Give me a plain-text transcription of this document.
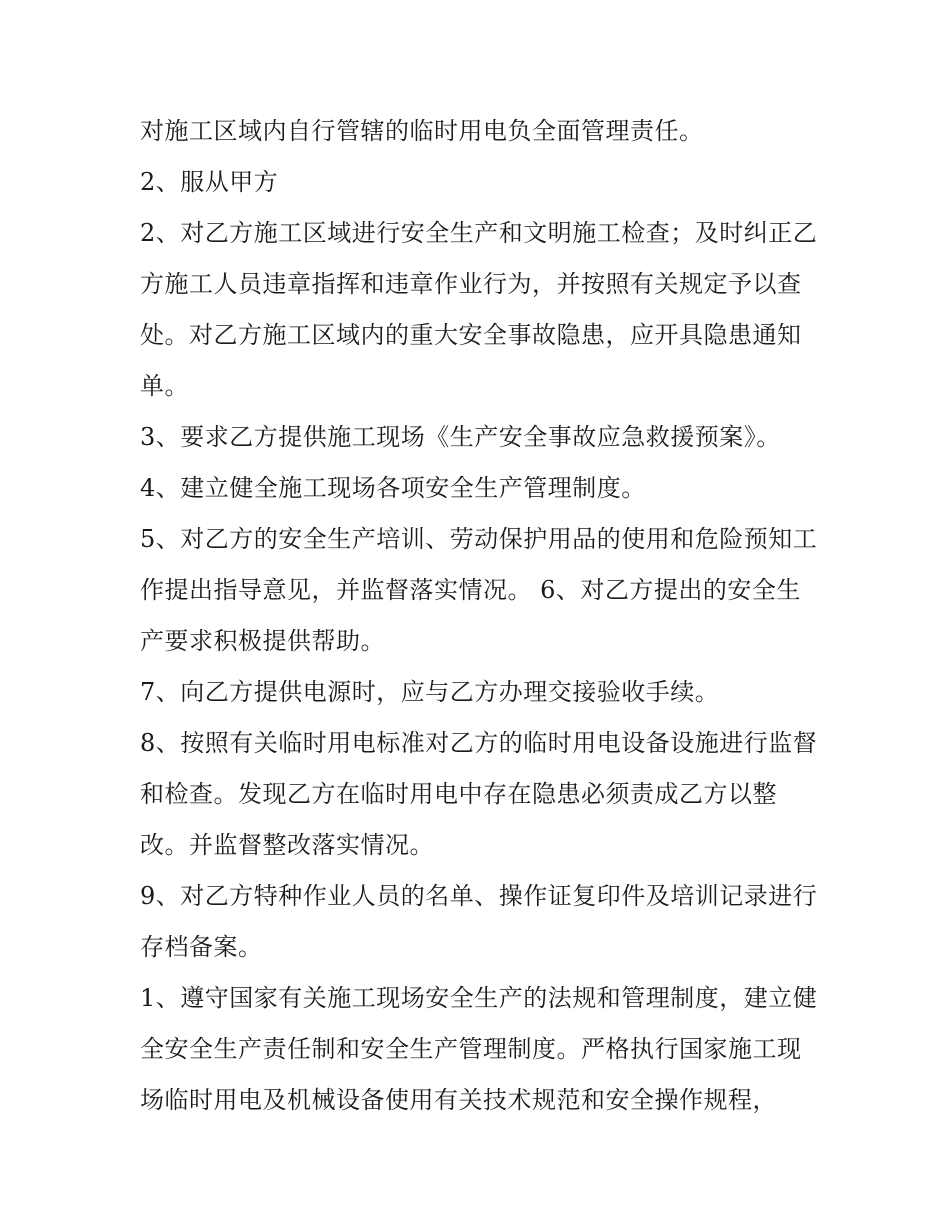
对施工区域内自行管辖的临时用电负全面管理责任。

2、服从甲方

2、对乙方施工区域进行安全生产和文明施工检查；及时纠正乙方施工人员违章指挥和违章作业行为，并按照有关规定予以查处。对乙方施工区域内的重大安全事故隐患，应开具隐患通知单。

3、要求乙方提供施工现场《生产安全事故应急救援预案》。

4、建立健全施工现场各项安全生产管理制度。

5、对乙方的安全生产培训、劳动保护用品的使用和危险预知工作提出指导意见，并监督落实情况。 6、对乙方提出的安全生产要求积极提供帮助。

7、向乙方提供电源时，应与乙方办理交接验收手续。

8、按照有关临时用电标准对乙方的临时用电设备设施进行监督和检查。发现乙方在临时用电中存在隐患必须责成乙方以整改。并监督整改落实情况。

9、对乙方特种作业人员的名单、操作证复印件及培训记录进行存档备案。

1、遵守国家有关施工现场安全生产的法规和管理制度，建立健全安全生产责任制和安全生产管理制度。严格执行国家施工现场临时用电及机械设备使用有关技术规范和安全操作规程，
